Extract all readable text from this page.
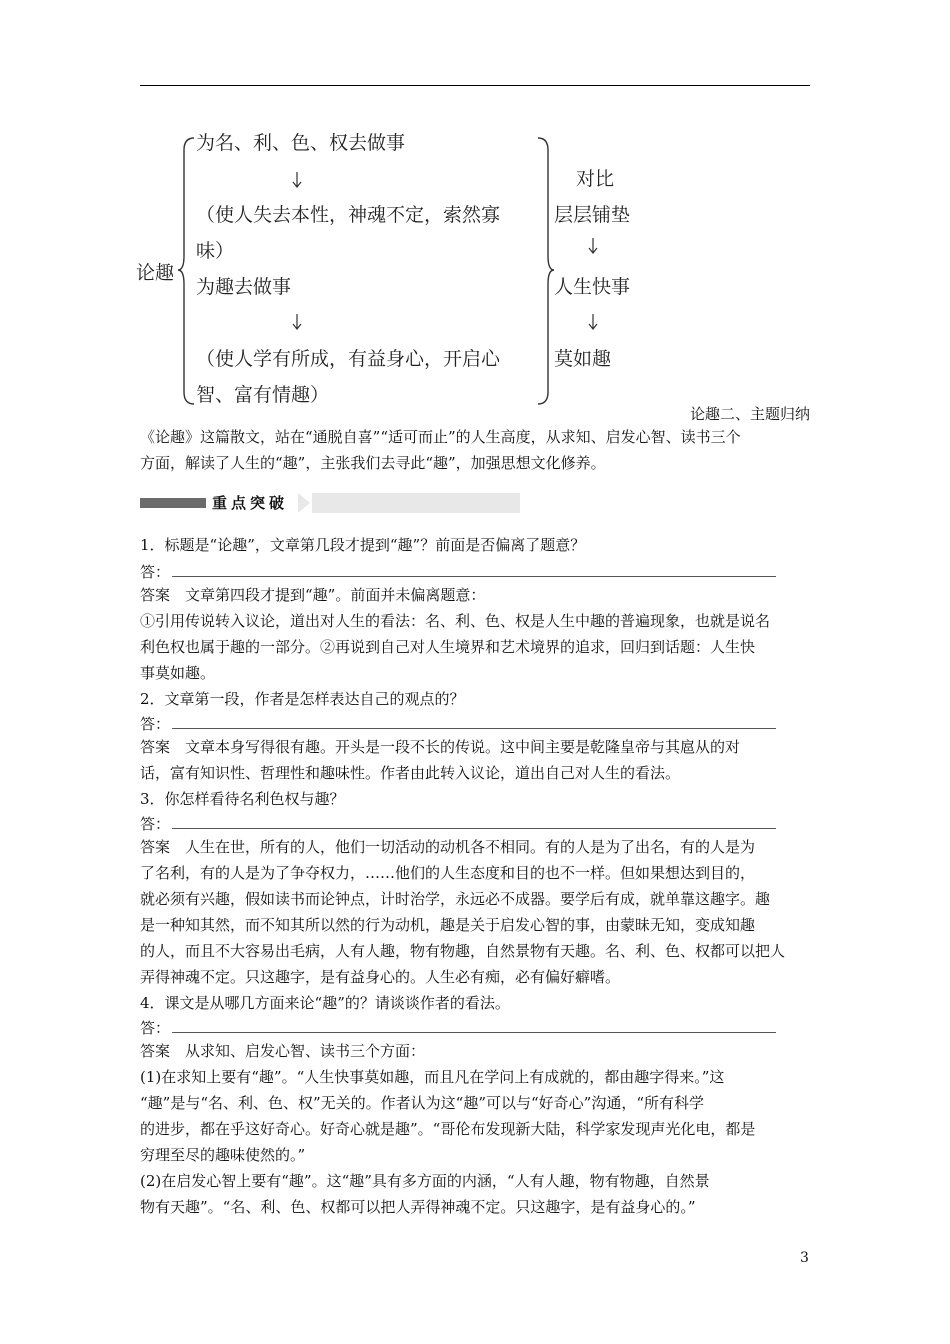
论趣
为名、利、色、权去做事
（使人失去本性，神魂不定，索然寡
味）
为趣去做事
（使人学有所成，有益身心，开启心
智、富有情趣）
对比
层层铺垫
人生快事
莫如趣
论趣二、主题归纳
《论趣》这篇散文，站在“通脱自喜”“适可而止”的人生高度，从求知、启发心智、读书三个
方面，解读了人生的“趣”，主张我们去寻此“趣”，加强思想文化修养。
重点突破
1．标题是“论趣”，文章第几段才提到“趣”？前面是否偏离了题意？
答：
答案　文章第四段才提到“趣”。前面并未偏离题意：
①引用传说转入议论，道出对人生的看法：名、利、色、权是人生中趣的普遍现象，也就是说名
利色权也属于趣的一部分。②再说到自己对人生境界和艺术境界的追求，回归到话题：人生快
事莫如趣。
2．文章第一段，作者是怎样表达自己的观点的？
答：
答案　文章本身写得很有趣。开头是一段不长的传说。这中间主要是乾隆皇帝与其扈从的对
话，富有知识性、哲理性和趣味性。作者由此转入议论，道出自己对人生的看法。
3．你怎样看待名利色权与趣？
答：
答案　人生在世，所有的人，他们一切活动的动机各不相同。有的人是为了出名，有的人是为
了名利，有的人是为了争夺权力，……他们的人生态度和目的也不一样。但如果想达到目的，
就必须有兴趣，假如读书而论钟点，计时治学，永远必不成器。要学后有成，就单靠这趣字。趣
是一种知其然，而不知其所以然的行为动机，趣是关于启发心智的事，由蒙昧无知，变成知趣
的人，而且不大容易出毛病，人有人趣，物有物趣，自然景物有天趣。名、利、色、权都可以把人
弄得神魂不定。只这趣字，是有益身心的。人生必有痴，必有偏好癖嗜。
4．课文是从哪几方面来论“趣”的？请谈谈作者的看法。
答：
答案　从求知、启发心智、读书三个方面：
(1)在求知上要有“趣”。“人生快事莫如趣，而且凡在学问上有成就的，都由趣字得来。”这
“趣”是与“名、利、色、权”无关的。作者认为这“趣”可以与“好奇心”沟通，“所有科学
的进步，都在乎这好奇心。好奇心就是趣”。“哥伦布发现新大陆，科学家发现声光化电，都是
穷理至尽的趣味使然的。”
(2)在启发心智上要有“趣”。这“趣”具有多方面的内涵，“人有人趣，物有物趣，自然景
物有天趣”。“名、利、色、权都可以把人弄得神魂不定。只这趣字，是有益身心的。”
3
